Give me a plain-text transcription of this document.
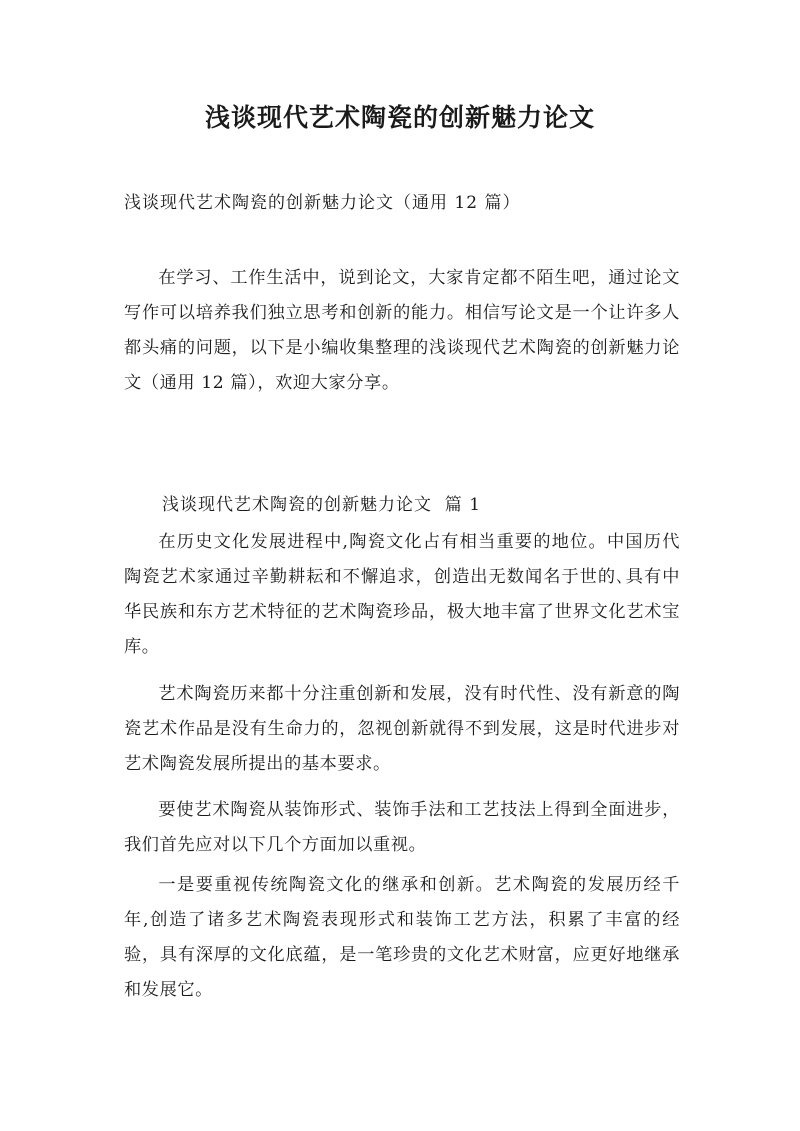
浅谈现代艺术陶瓷的创新魅力论文

浅谈现代艺术陶瓷的创新魅力论文（通用 12 篇）

在学习、工作生活中，说到论文，大家肯定都不陌生吧，通过论文写作可以培养我们独立思考和创新的能力。相信写论文是一个让许多人都头痛的问题，以下是小编收集整理的浅谈现代艺术陶瓷的创新魅力论文（通用 12 篇），欢迎大家分享。

浅谈现代艺术陶瓷的创新魅力论文  篇 1

在历史文化发展进程中,陶瓷文化占有相当重要的地位。中国历代陶瓷艺术家通过辛勤耕耘和不懈追求，创造出无数闻名于世的､具有中华民族和东方艺术特征的艺术陶瓷珍品，极大地丰富了世界文化艺术宝库。

艺术陶瓷历来都十分注重创新和发展，没有时代性、没有新意的陶瓷艺术作品是没有生命力的，忽视创新就得不到发展，这是时代进步对艺术陶瓷发展所提出的基本要求。

要使艺术陶瓷从装饰形式、装饰手法和工艺技法上得到全面进步，我们首先应对以下几个方面加以重视。

一是要重视传统陶瓷文化的继承和创新。艺术陶瓷的发展历经千年,创造了诸多艺术陶瓷表现形式和装饰工艺方法，积累了丰富的经验，具有深厚的文化底蕴，是一笔珍贵的文化艺术财富，应更好地继承和发展它。
